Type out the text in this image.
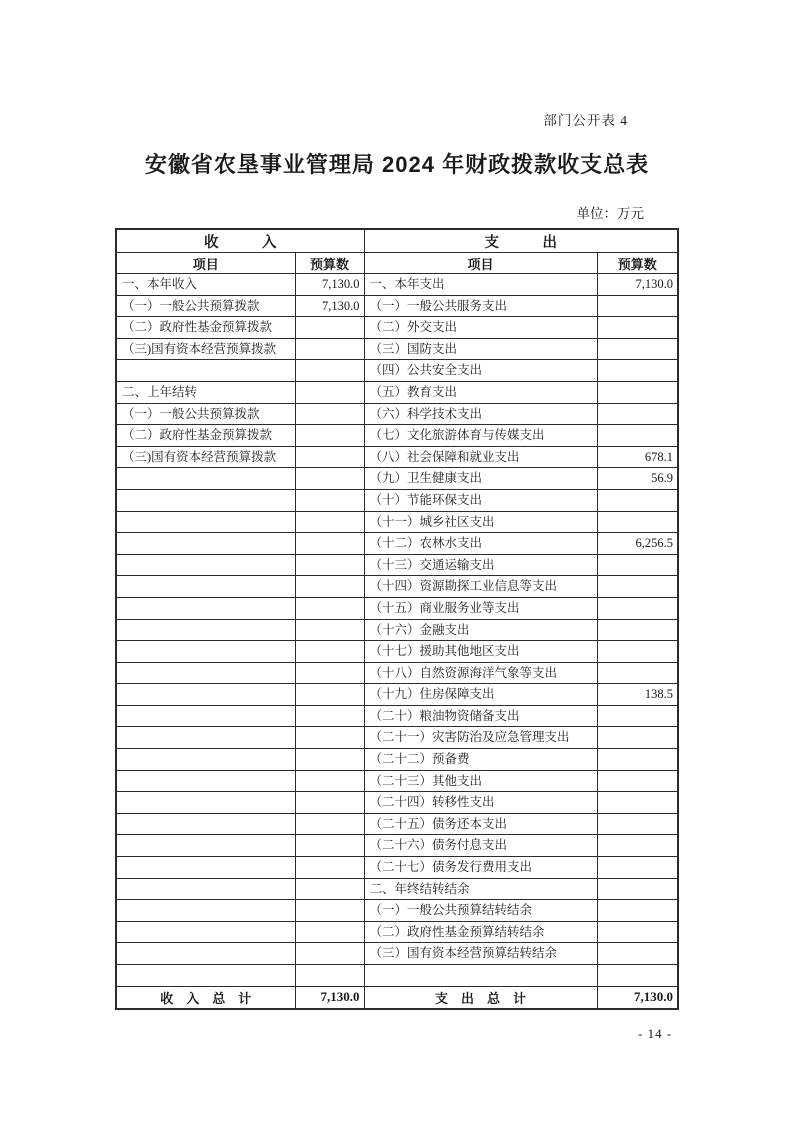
部门公开表 4
安徽省农垦事业管理局 2024 年财政拨款收支总表
单位：万元
收　　　入		支　　　出	
项目	预算数	项目	预算数
一、本年收入	7,130.0	一、本年支出	7,130.0
（一）一般公共预算拨款	7,130.0	（一）一般公共服务支出	
（二）政府性基金预算拨款		（二）外交支出	
（三)国有资本经营预算拨款		（三）国防支出	
		（四）公共安全支出	
二、上年结转		（五）教育支出	
（一）一般公共预算拨款		（六）科学技术支出	
（二）政府性基金预算拨款		（七）文化旅游体育与传媒支出	
（三)国有资本经营预算拨款		（八）社会保障和就业支出	678.1
		（九）卫生健康支出	56.9
		（十）节能环保支出	
		（十一）城乡社区支出	
		（十二）农林水支出	6,256.5
		（十三）交通运输支出	
		（十四）资源勘探工业信息等支出	
		（十五）商业服务业等支出	
		（十六）金融支出	
		（十七）援助其他地区支出	
		（十八）自然资源海洋气象等支出	
		（十九）住房保障支出	138.5
		（二十）粮油物资储备支出	
		（二十一）灾害防治及应急管理支出	
		（二十二）预备费	
		（二十三）其他支出	
		（二十四）转移性支出	
		（二十五）债务还本支出	
		（二十六）债务付息支出	
		（二十七）债务发行费用支出	
		二、年终结转结余	
		（一）一般公共预算结转结余	
		（二）政府性基金预算结转结余	
		（三）国有资本经营预算结转结余	

收　入　总　计	7,130.0	支　出　总　计	7,130.0
- 14 -
